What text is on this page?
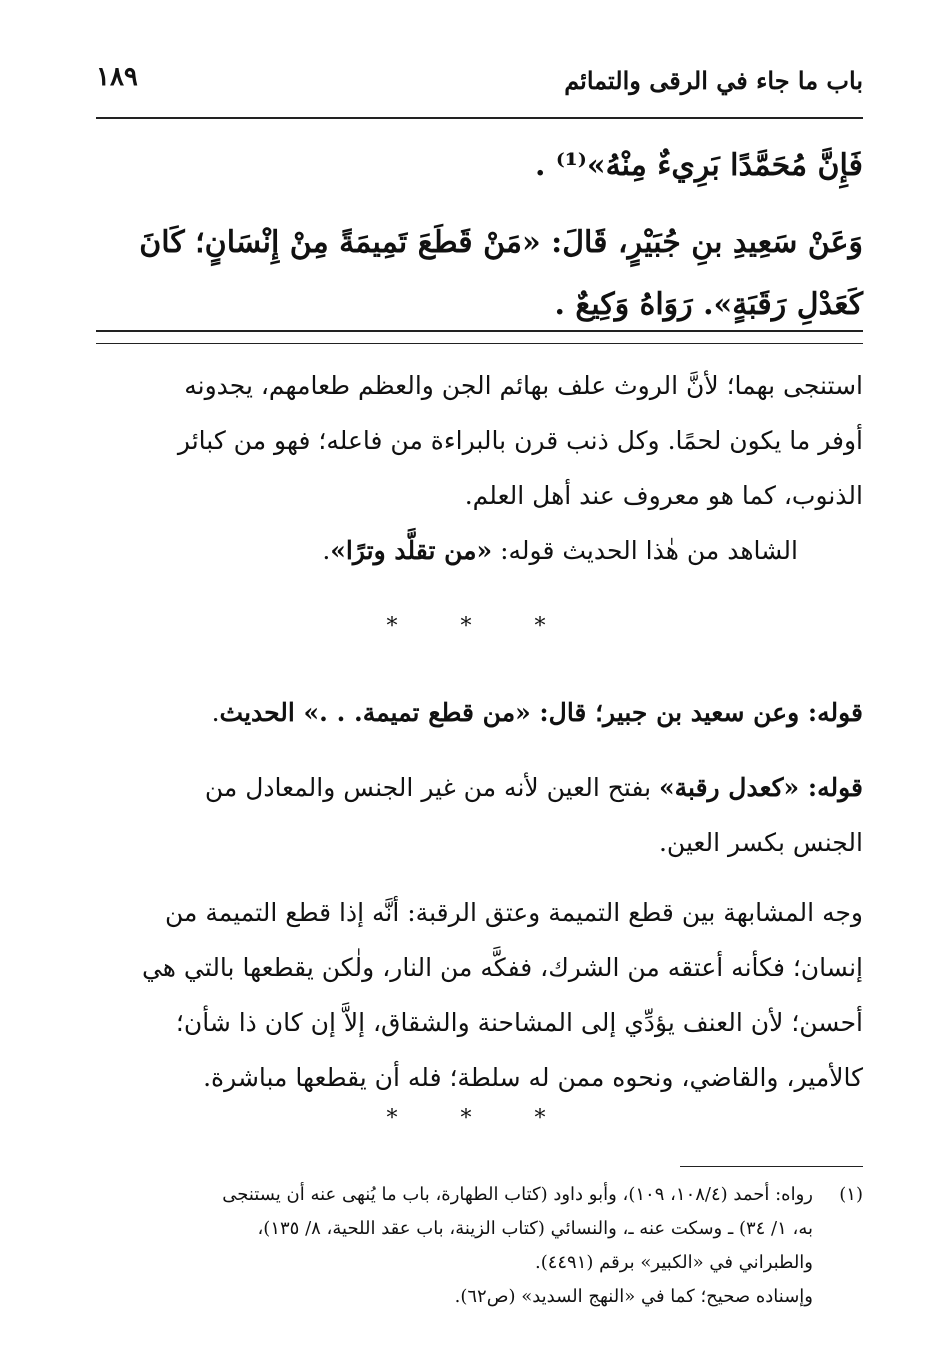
باب ما جاء في الرقى والتمائم
١٨٩
فَإِنَّ مُحَمَّدًا بَرِيءٌ مِنْهُ»⁽¹⁾ .
وَعَنْ سَعِيدِ بنِ جُبَيْرٍ، قَالَ: «مَنْ قَطَعَ تَمِيمَةً مِنْ إِنْسَانٍ؛ كَانَ
كَعَدْلِ رَقَبَةٍ». رَوَاهُ وَكِيعٌ .
استنجى بهما؛ لأنَّ الروث علف بهائم الجن والعظم طعامهم، يجدونه
أوفر ما يكون لحمًا. وكل ذنب قرن بالبراءة من فاعله؛ فهو من كبائر
الذنوب، كما هو معروف عند أهل العلم.
الشاهد من هٰذا الحديث قوله: «من تقلَّد وترًا».
* * *
قوله: وعن سعيد بن جبير؛ قال: «من قطع تميمة. . .» الحديث.
قوله: «كعدل رقبة» بفتح العين لأنه من غير الجنس والمعادل من
الجنس بكسر العين.
وجه المشابهة بين قطع التميمة وعتق الرقبة: أنَّه إذا قطع التميمة من
إنسان؛ فكأنه أعتقه من الشرك، ففكَّه من النار، ولٰكن يقطعها بالتي هي
أحسن؛ لأن العنف يؤدِّي إلى المشاحنة والشقاق، إلاَّ إن كان ذا شأن؛
كالأمير، والقاضي، ونحوه ممن له سلطة؛ فله أن يقطعها مباشرة.
* * *
(١)رواه: أحمد (١٠٨/٤، ١٠٩)، وأبو داود (كتاب الطهارة، باب ما يُنهى عنه أن يستنجى
به، ١/ ٣٤) ـ وسكت عنه ـ، والنسائي (كتاب الزينة، باب عقد اللحية، ٨/ ١٣٥)،
والطبراني في «الكبير» برقم (٤٤٩١).
وإسناده صحيح؛ كما في «النهج السديد» (ص٦٢).
